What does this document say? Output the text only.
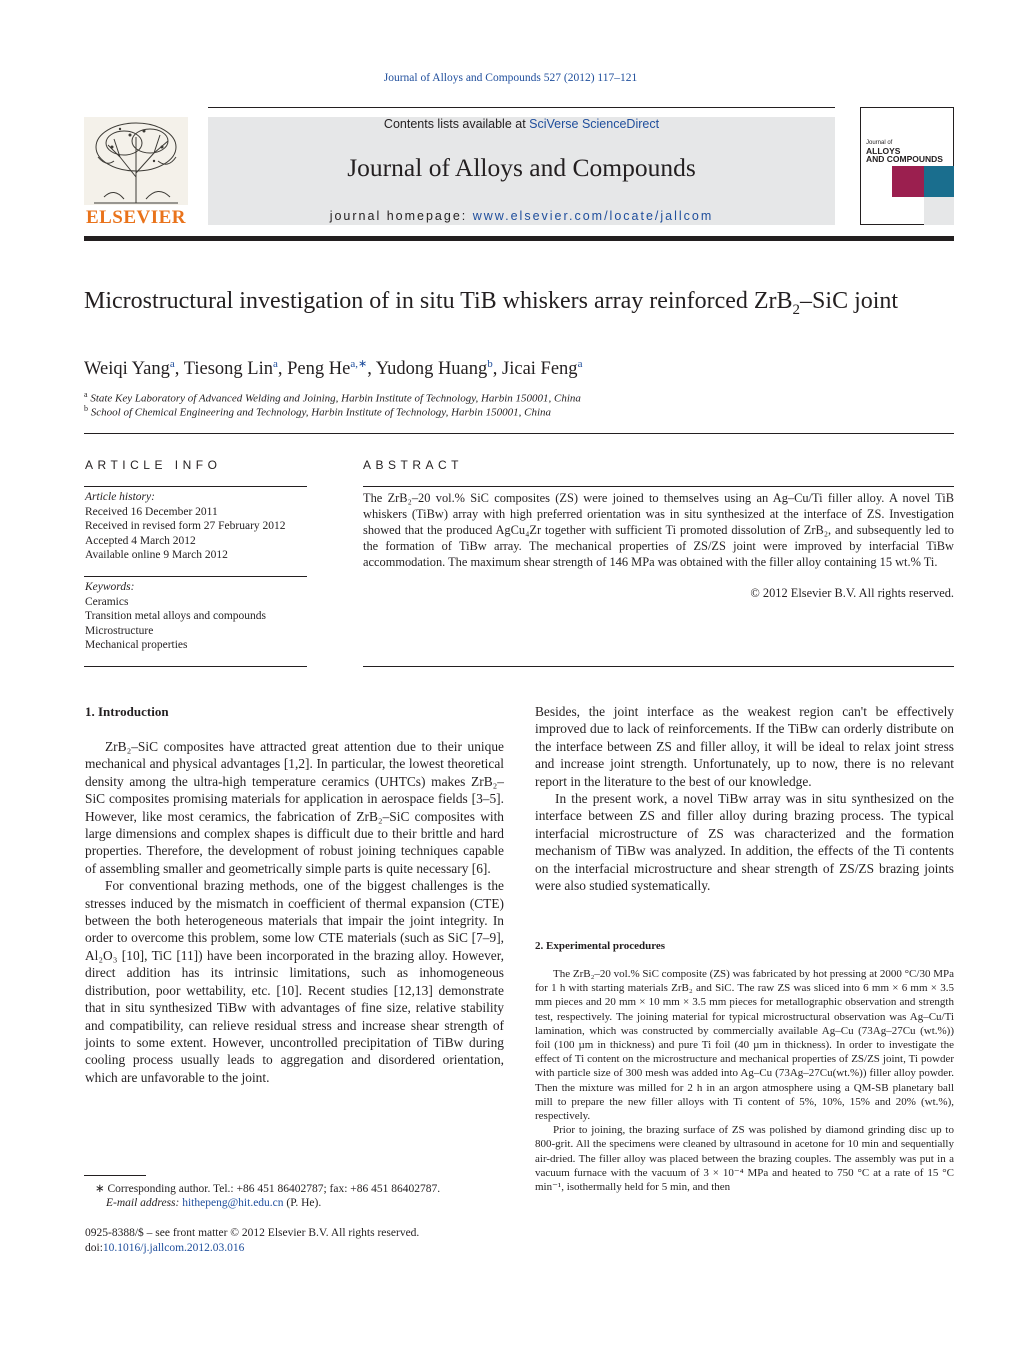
Journal of Alloys and Compounds 527 (2012) 117–121
ELSEVIER
Contents lists available at SciVerse ScienceDirect
Journal of Alloys and Compounds
journal homepage: www.elsevier.com/locate/jallcom
Journal of
ALLOYS
AND COMPOUNDS
Microstructural investigation of in situ TiB whiskers array reinforced ZrB$_2$–SiC joint
Weiqi Yang$^a$, Tiesong Lin$^a$, Peng $He^{a,∗}$, Yudong Huang$^b$, Jicai Feng$^a$
$^a$ State Key Laboratory of Advanced Welding and Joining, Harbin Institute of Technology, Harbin 150001, China
$^b$ School of Chemical Engineering and Technology, Harbin Institute of Technology, Harbin 150001, China
ARTICLE INFO
Article history:
Received 16 December 2011
Received in revised form 27 February 2012
Accepted 4 March 2012
Available online 9 March 2012
Keywords:
Ceramics
Transition metal alloys and compounds
Microstructure
Mechanical properties
ABSTRACT
The ZrB₂–20 vol.% SiC composites (ZS) were joined to themselves using an Ag–Cu/Ti filler alloy. A novel TiB whiskers (TiBw) array with high preferred orientation was in situ synthesized at the interface of ZS. Investigation showed that the produced AgCu₄Zr together with sufficient Ti promoted dissolution of ZrB₂, and subsequently led to the formation of TiBw array. The mechanical properties of ZS/ZS joint were improved by interfacial TiBw accommodation. The maximum shear strength of 146 MPa was obtained with the filler alloy containing 15 wt.% Ti.
© 2012 Elsevier B.V. All rights reserved.
1. Introduction

ZrB₂–SiC composites have attracted great attention due to their unique mechanical and physical advantages [1,2]. In particular, the lowest theoretical density among the ultra-high temperature ceramics (UHTCs) makes ZrB₂–SiC composites promising materials for application in aerospace fields [3–5]. However, like most ceramics, the fabrication of ZrB₂–SiC composites with large dimensions and complex shapes is difficult due to their brittle and hard properties. Therefore, the development of robust joining techniques capable of assembling smaller and geometrically simple parts is quite necessary [6].

For conventional brazing methods, one of the biggest challenges is the stresses induced by the mismatch in coefficient of thermal expansion (CTE) between the both heterogeneous materials that impair the joint integrity. In order to overcome this problem, some low CTE materials (such as SiC [7–9], Al₂O₃ [10], TiC [11]) have been incorporated in the brazing alloy. However, direct addition has its intrinsic limitations, such as inhomogeneous distribution, poor wettability, etc. [10]. Recent studies [12,13] demonstrate that in situ synthesized TiBw with advantages of fine size, relative stability and compatibility, can relieve residual stress and increase shear strength of joints to some extent. However, uncontrolled precipitation of TiBw during cooling process usually leads to aggregation and disordered orientation, which are unfavorable to the joint.

Besides, the joint interface as the weakest region can't be effectively improved due to lack of reinforcements. If the TiBw can orderly distribute on the interface between ZS and filler alloy, it will be ideal to relax joint stress and increase joint strength. Unfortunately, up to now, there is no relevant report in the literature to the best of our knowledge.

In the present work, a novel TiBw array was in situ synthesized on the interface between ZS and filler alloy during brazing process. The typical interfacial microstructure of ZS was characterized and the formation mechanism of TiBw was analyzed. In addition, the effects of the Ti contents on the interfacial microstructure and shear strength of ZS/ZS brazing joints were also studied systematically.

2. Experimental procedures

The ZrB₂–20 vol.% SiC composite (ZS) was fabricated by hot pressing at 2000 °C/30 MPa for 1 h with starting materials ZrB₂ and SiC. The raw ZS was sliced into 6 mm × 6 mm × 3.5 mm pieces and 20 mm × 10 mm × 3.5 mm pieces for metallographic observation and strength test, respectively. The joining material for typical microstructural observation was Ag–Cu/Ti lamination, which was constructed by commercially available Ag–Cu (73Ag–27Cu (wt.%)) foil (100 µm in thickness) and pure Ti foil (40 µm in thickness). In order to investigate the effect of Ti content on the microstructure and mechanical properties of ZS/ZS joint, Ti powder with particle size of 300 mesh was added into Ag–Cu (73Ag–27Cu(wt.%)) filler alloy powder. Then the mixture was milled for 2 h in an argon atmosphere using a QM-SB planetary ball mill to prepare the new filler alloys with Ti content of 5%, 10%, 15% and 20% (wt.%), respectively.

Prior to joining, the brazing surface of ZS was polished by diamond grinding disc up to 800-grit. All the specimens were cleaned by ultrasound in acetone for 10 min and sequentially air-dried. The filler alloy was placed between the brazing couples. The assembly was put in a vacuum furnace with the vacuum of 3 × 10⁻⁴ MPa and heated to 750 °C at a rate of 15 °C min⁻¹, isothermally held for 5 min, and then

∗ Corresponding author. Tel.: +86 451 86402787; fax: +86 451 86402787.
E-mail address: hithepeng@hit.edu.cn (P. He).
0925-8388/$ – see front matter © 2012 Elsevier B.V. All rights reserved.
doi:10.1016/j.jallcom.2012.03.016
